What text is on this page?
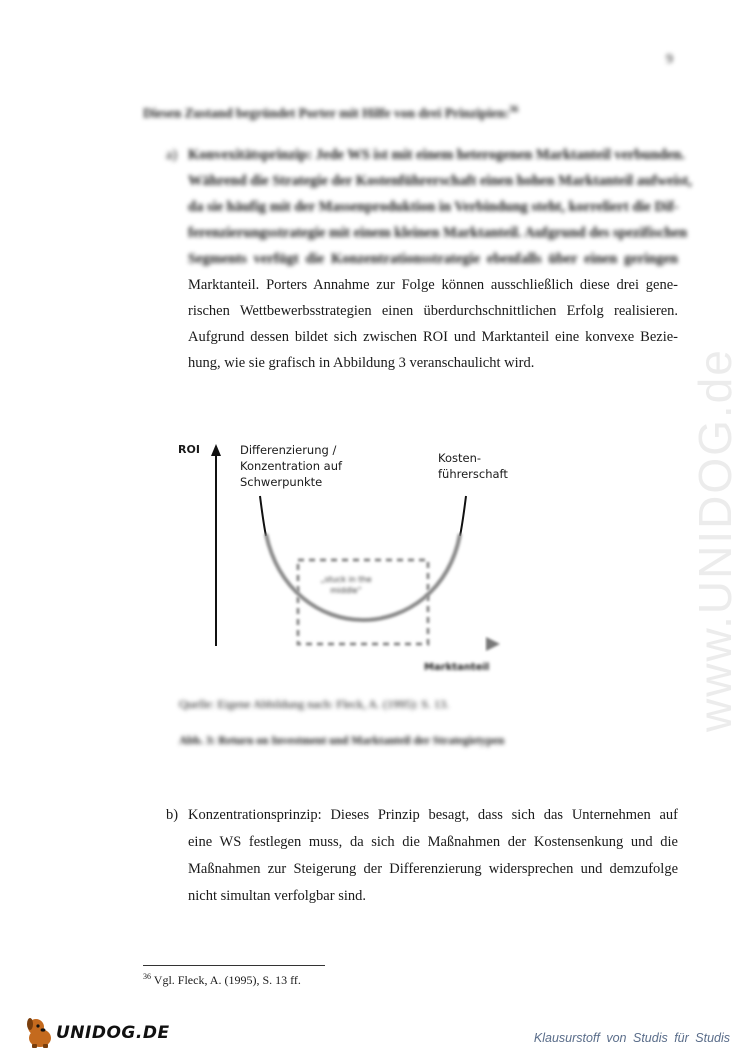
www.UNIDOG.de
9
Diesen Zustand begründet Porter mit Hilfe von drei Prinzipien:$^{36}$
a) Konvexitätsprinzip: Jede WS ist mit einem heterogenen Marktanteil verbunden.
Während die Strategie der Kostenführerschaft einen hohen Marktanteil aufweist,
da sie häufig mit der Massenproduktion in Verbindung steht, korreliert die Dif-
ferenzierungsstrategie mit einem kleinen Marktanteil. Aufgrund des spezifischen
Segments verfügt die Konzentrationsstrategie ebenfalls über einen geringen
Marktanteil. Porters Annahme zur Folge können ausschließlich diese drei gene-
rischen Wettbewerbsstrategien einen überdurchschnittlichen Erfolg realisieren.
Aufgrund dessen bildet sich zwischen ROI und Marktanteil eine konvexe Bezie-
hung, wie sie grafisch in Abbildung 3 veranschaulicht wird.
ROI	Differenzierung /
Konzentration auf
Schwerpunkte
Kosten-
führerschaft
„stuck in the
middle“
Marktanteil
Quelle: Eigene Abbildung nach: Fleck, A. (1995): S. 13.
Abb. 3: Return on Investment und Marktanteil der Strategietypen
b) Konzentrationsprinzip: Dieses Prinzip besagt, dass sich das Unternehmen auf
eine WS festlegen muss, da sich die Maßnahmen der Kostensenkung und die
Maßnahmen zur Steigerung der Differenzierung widersprechen und demzufolge
nicht simultan verfolgbar sind.
$^{36}$ Vgl. Fleck, A. (1995), S. 13 ff.
UNIDOG.DE	Klausurstoff von Studis für Studis
